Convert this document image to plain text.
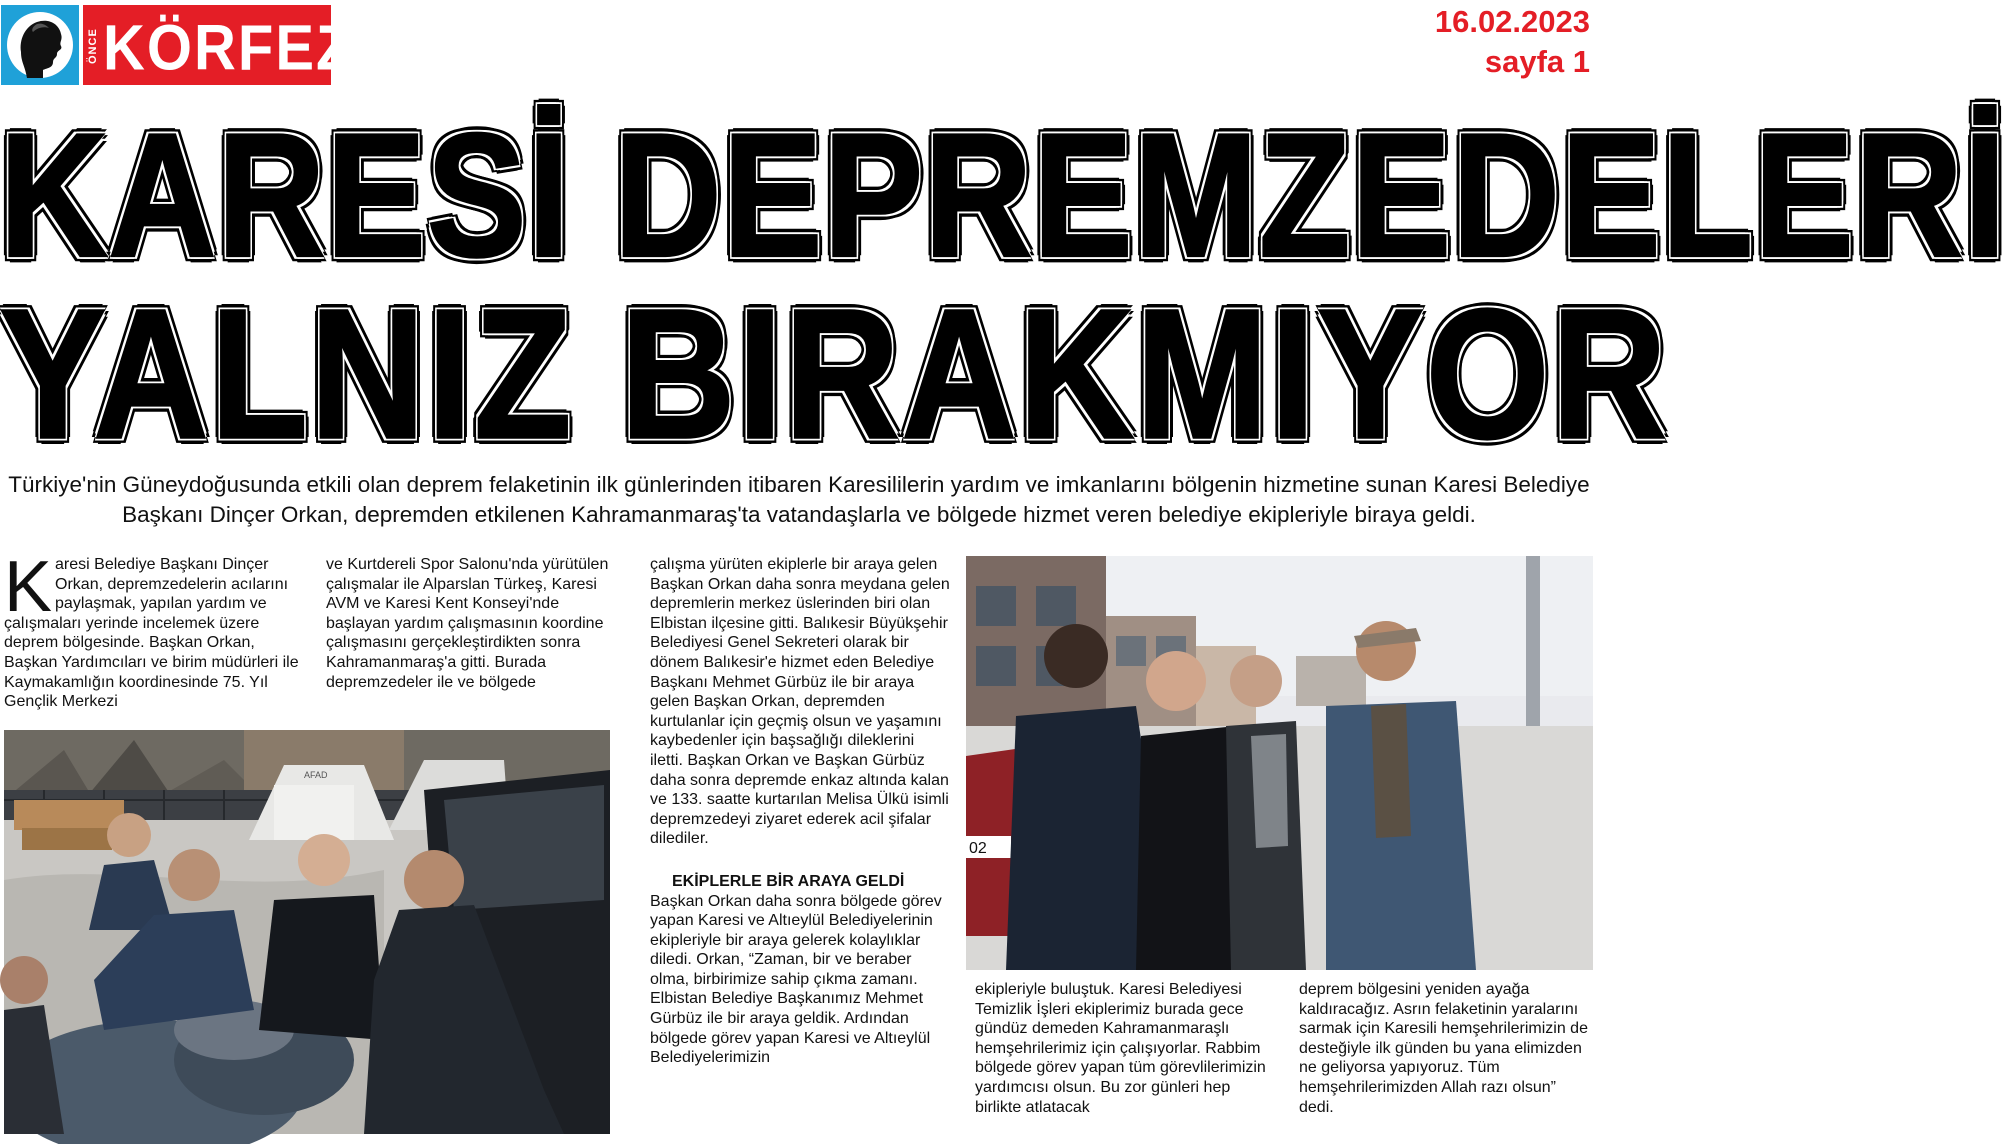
ÖNCE KÖRFEZ	16.02.2023
sayfa 1
KARESİ DEPREMZEDELERİ
YALNIZ BIRAKMIYOR
Türkiye'nin Güneydoğusunda etkili olan deprem felaketinin ilk günlerinden itibaren Karesililerin yardım ve imkanlarını bölgenin hizmetine sunan Karesi Belediye Başkanı Dinçer Orkan, depremden etkilenen Kahramanmaraş'ta vatandaşlarla ve bölgede hizmet veren belediye ekipleriyle biraya geldi.
Karesi Belediye Başkanı Dinçer Orkan, depremzedelerin acılarını paylaşmak, yapılan yardım ve çalışmaları yerinde incelemek üzere deprem bölgesinde. Başkan Orkan, Başkan Yardımcıları ve birim müdürleri ile Kaymakamlığın koordinesinde 75. Yıl Gençlik Merkezi

ve Kurtdereli Spor Salonu'nda yürütülen çalışmalar ile Alparslan Türkeş, Karesi AVM ve Karesi Kent Konseyi'nde başlayan yardım çalışmasının koordine çalışmasını gerçekleştirdikten sonra Kahramanmaraş'a gitti. Burada depremzedeler ile ve bölgede

çalışma yürüten ekiplerle bir araya gelen Başkan Orkan daha sonra meydana gelen depremlerin merkez üslerinden biri olan Elbistan ilçesine gitti. Balıkesir Büyükşehir Belediyesi Genel Sekreteri olarak bir dönem Balıkesir'e hizmet eden Belediye Başkanı Mehmet Gürbüz ile bir araya gelen Başkan Orkan, depremden kurtulanlar için geçmiş olsun ve yaşamını kaybedenler için başsağlığı dileklerini iletti. Başkan Orkan ve Başkan Gürbüz daha sonra depremde enkaz altında kalan ve 133. saatte kurtarılan Melisa Ülkü isimli depremzedeyi ziyaret ederek acil şifalar dilediler.

EKİPLERLE BİR ARAYA GELDİ

Başkan Orkan daha sonra bölgede görev yapan Karesi ve Altıeylül Belediyelerinin ekipleriyle bir araya gelerek kolaylıklar diledi. Orkan, “Zaman, bir ve beraber olma, birbirimize sahip çıkma zamanı. Elbistan Belediye Başkanımız Mehmet Gürbüz ile bir araya geldik. Ardından bölgede görev yapan Karesi ve Altıeylül Belediyelerimizin

ekipleriyle buluştuk. Karesi Belediyesi Temizlik İşleri ekiplerimiz burada gece gündüz demeden Kahramanmaraşlı hemşehrilerimiz için çalışıyorlar. Rabbim bölgede görev yapan tüm görevlilerimizin yardımcısı olsun. Bu zor günleri hep birlikte atlatacak

deprem bölgesini yeniden ayağa kaldıracağız. Asrın felaketinin yaralarını sarmak için Karesili hemşehrilerimizin de desteğiyle ilk günden bu yana elimizden ne geliyorsa yapıyoruz. Tüm hemşehrilerimizden Allah razı olsun” dedi.

AFAD
02
